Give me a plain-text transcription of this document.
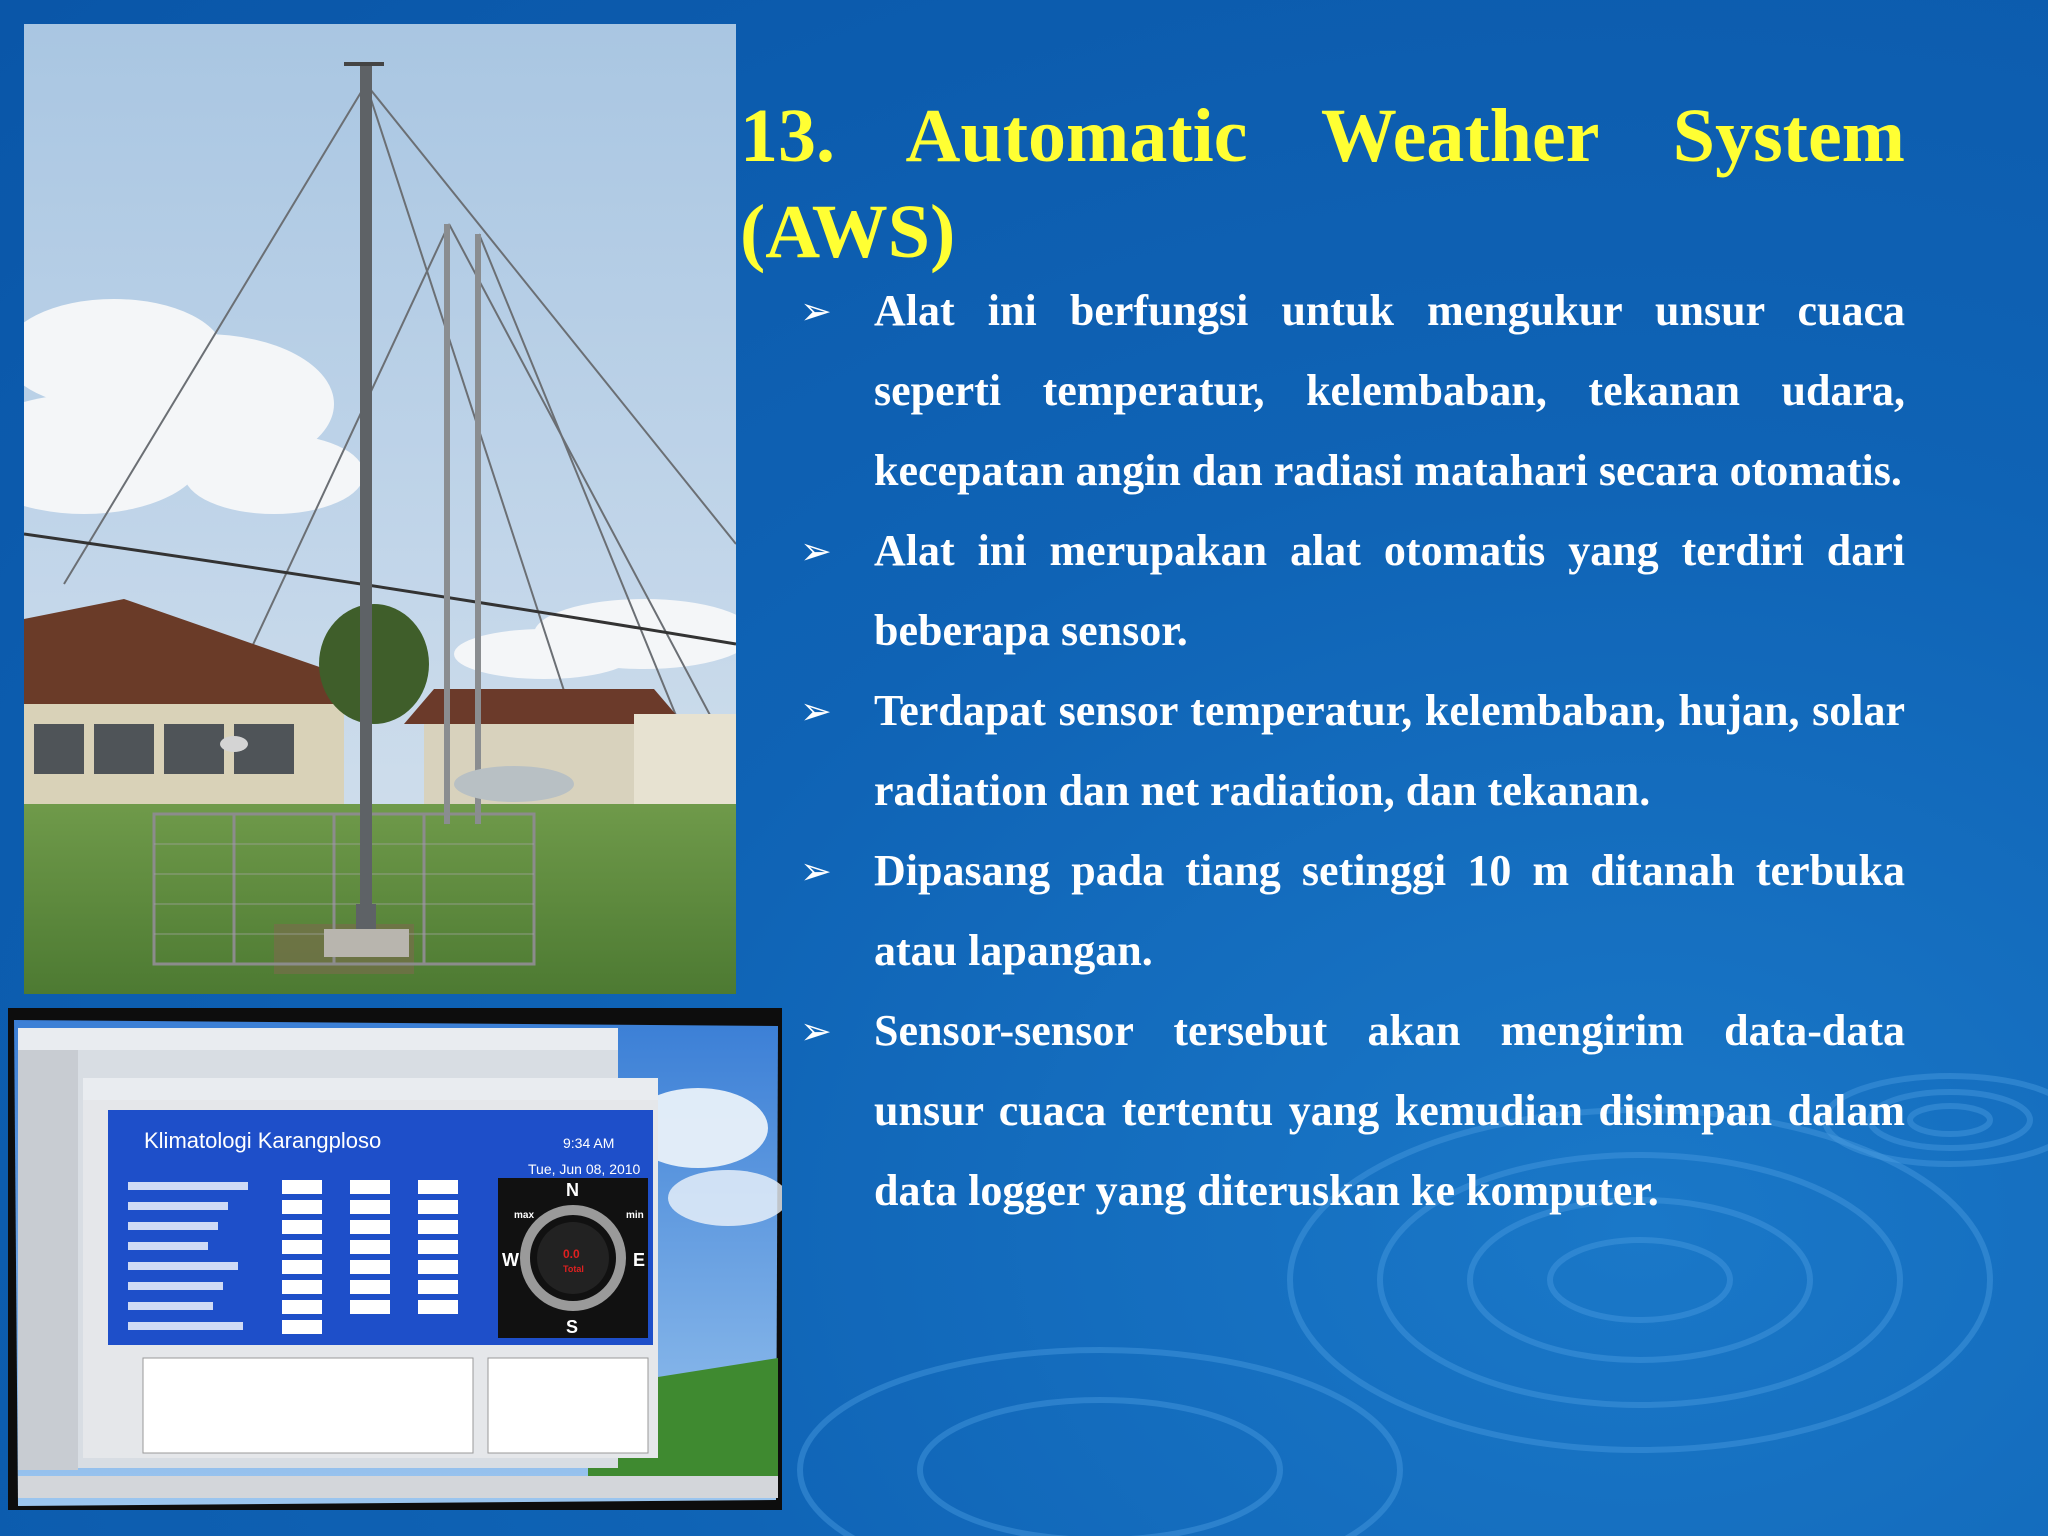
Klimatologi Karangploso	9:34 AM
Tue, Jun 08, 2010
N
S
E
W
max	min
0.0
Total
13. Automatic Weather System (AWS)
➢ Alat ini berfungsi untuk mengukur unsur cuaca seperti temperatur, kelembaban, tekanan udara, kecepatan angin dan radiasi matahari secara otomatis.
➢ Alat ini merupakan alat otomatis yang terdiri dari beberapa sensor.
➢ Terdapat sensor temperatur, kelembaban, hujan, solar radiation dan net radiation, dan tekanan.
➢ Dipasang pada tiang setinggi 10 m ditanah terbuka atau lapangan.
➢ Sensor-sensor tersebut akan mengirim data-data unsur cuaca tertentu yang kemudian disimpan dalam data logger yang diteruskan ke komputer.
